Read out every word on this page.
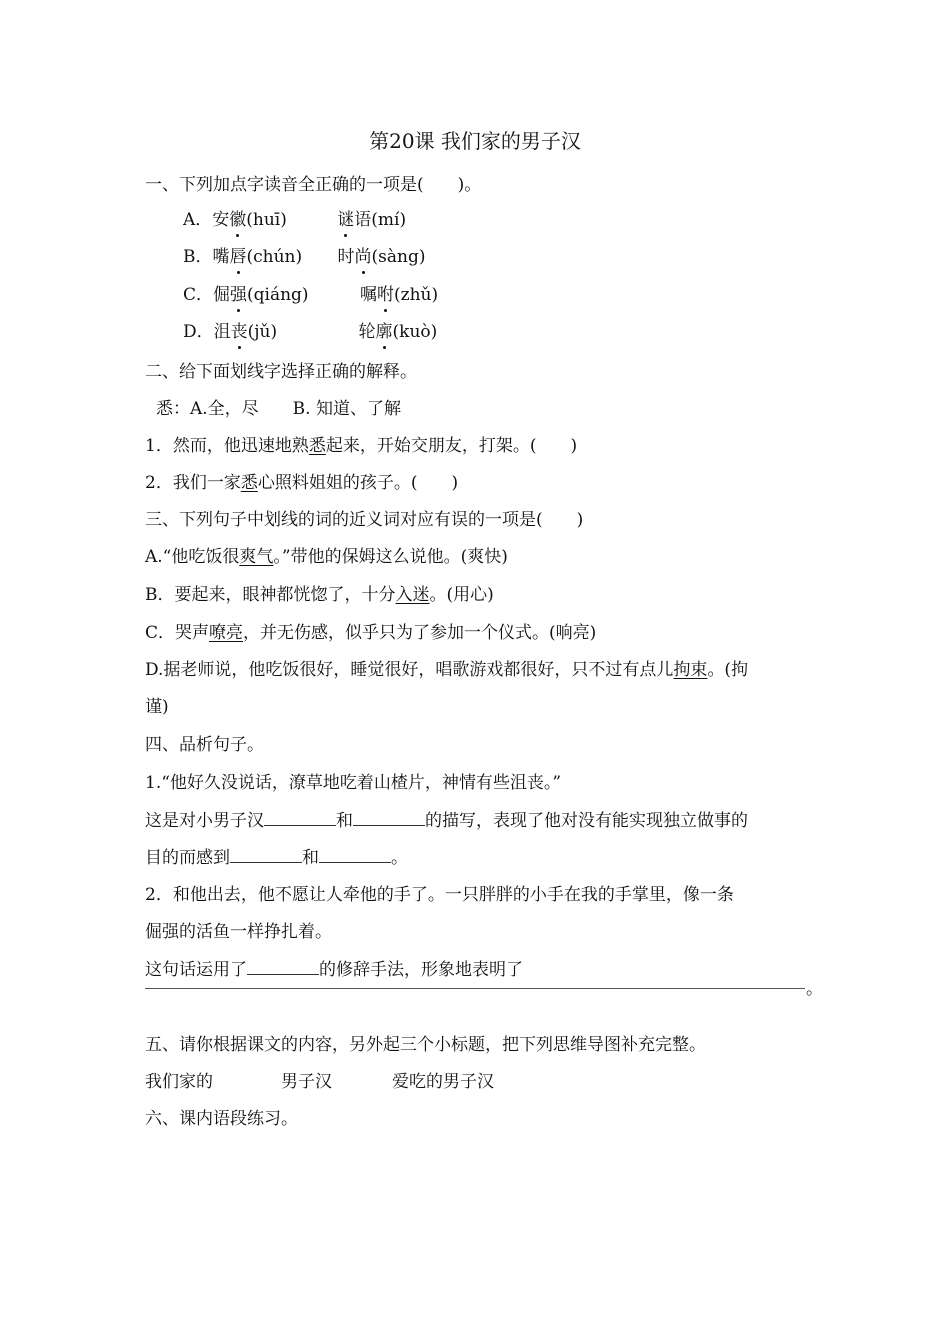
第20课 我们家的男子汉
一、下列加点字读音全正确的一项是(　　)。
A．安徽(huī)	谜语(mí)
B．嘴唇(chún) 时尚(sàng)
C．倔强(qiáng)	嘱咐(zhǔ)
D．沮丧(jǔ)	轮廓(kuò)
二、给下面划线字选择正确的解释。
悉：A.全，尽　　B. 知道、了解
1．然而，他迅速地熟悉起来，开始交朋友，打架。(　　)
2．我们一家悉心照料姐姐的孩子。(　　)
三、下列句子中划线的词的近义词对应有误的一项是(　　)
A.“他吃饭很爽气。”带他的保姆这么说他。(爽快)
B．要起来，眼神都恍惚了，十分入迷。(用心)
C．哭声嘹亮，并无伤感，似乎只为了参加一个仪式。(响亮)
D.据老师说，他吃饭很好，睡觉很好，唱歌游戏都很好，只不过有点儿拘束。(拘
谨)
四、品析句子。
1.“他好久没说话，潦草地吃着山楂片，神情有些沮丧。”
这是对小男子汉	和	的描写，表现了他对没有能实现独立做事的
目的而感到	和	。
2．和他出去，他不愿让人牵他的手了。一只胖胖的小手在我的手掌里，像一条
倔强的活鱼一样挣扎着。
这句话运用了	的修辞手法，形象地表明了
。
五、请你根据课文的内容，另外起三个小标题，把下列思维导图补充完整。
我们家的	男子汉	爱吃的男子汉
六、课内语段练习。
